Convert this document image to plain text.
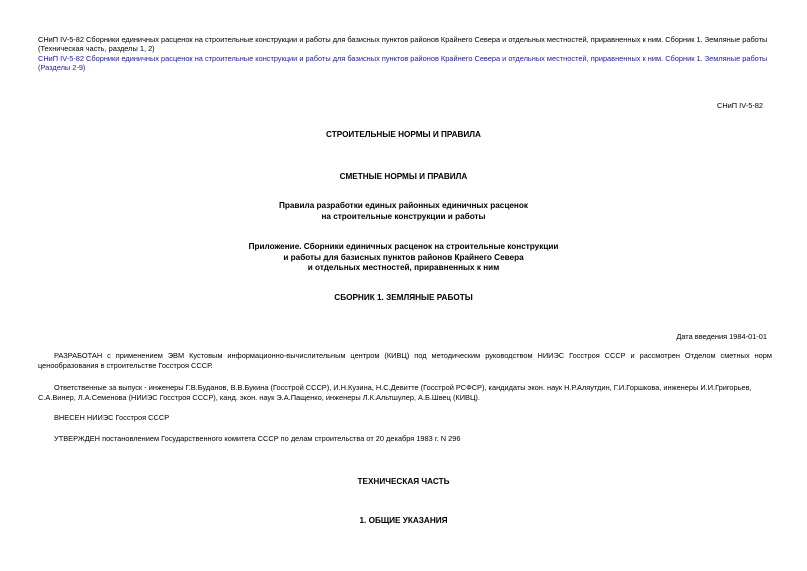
СНиП IV-5-82 Сборники единичных расценок на строительные конструкции и работы для базисных пунктов районов Крайнего Севера и отдельных местностей, приравненных к ним. Сборник 1. Земляные работы
(Техническая часть, разделы 1, 2)
СНиП IV-5-82 Сборники единичных расценок на строительные конструкции и работы для базисных пунктов районов Крайнего Севера и отдельных местностей, приравненных к ним. Сборник 1. Земляные работы
(Разделы 2-9)
СНиП IV-5-82
СТРОИТЕЛЬНЫЕ НОРМЫ И ПРАВИЛА
СМЕТНЫЕ НОРМЫ И ПРАВИЛА
Правила разработки единых районных единичных расценок
на строительные конструкции и работы
Приложение. Сборники единичных расценок на строительные конструкции
и работы для базисных пунктов районов Крайнего Севера
и отдельных местностей, приравненных к ним
СБОРНИК 1. ЗЕМЛЯНЫЕ РАБОТЫ
Дата введения 1984-01-01
РАЗРАБОТАН с применением ЭВМ Кустовым информационно-вычислительным центром (КИВЦ) под методическим руководством НИИЭС Госстроя СССР и рассмотрен Отделом сметных норм ценообразования в строительстве Госстроя СССР.
Ответственные за выпуск - инженеры Г.В.Буданов, В.В.Букина (Госстрой СССР), И.Н.Кузина, Н.С.Девитте (Госстрой РСФСР), кандидаты экон. наук Н.Р.Аляутдин, Г.И.Горшкова, инженеры И.И.Григорьев,
С.А.Винер, Л.А.Семенова (НИИЭС Госстроя СССР), канд. экон. наук Э.А.Пащенко, инженеры Л.К.Альтшулер, А.Б.Швец (КИВЦ).
ВНЕСЕН НИИЭС Госстроя СССР
УТВЕРЖДЕН постановлением Государственного комитета СССР по делам строительства от 20 декабря 1983 г. N 296
ТЕХНИЧЕСКАЯ ЧАСТЬ
1. ОБЩИЕ УКАЗАНИЯ
